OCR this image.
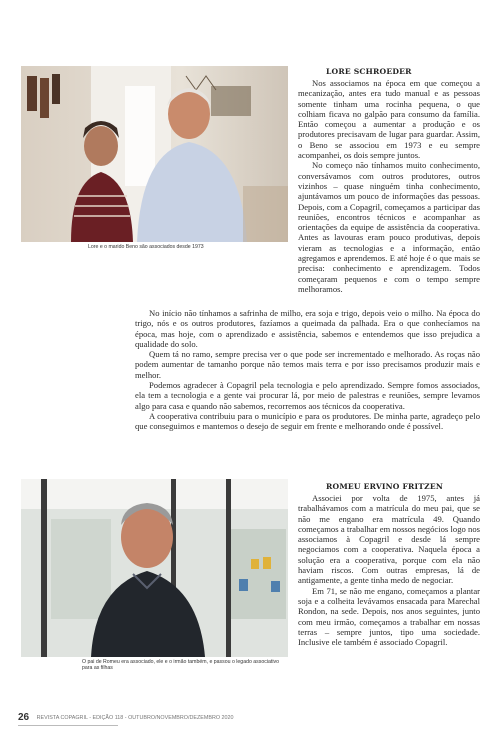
Lore e o marido Beno são associados desde 1973
LORE SCHROEDER

Nos associamos na época em que começou a mecanização, antes era tudo manual e as pessoas somente tinham uma rocinha pequena, o que colhiam ficava no galpão para consumo da família. Então começou a aumentar a produção e os produtores precisavam de lugar para guardar. Assim, o Beno se associou em 1973 e eu sempre acompanhei, os dois sempre juntos.

No começo não tínhamos muito conhecimento, conversávamos com outros produtores, outros vizinhos – quase ninguém tinha conhecimento, ajuntávamos um pouco de informações das pessoas. Depois, com a Copagril, começamos a participar das reuniões, encontros técnicos e acompanhar as orientações da equipe de assistência da cooperativa. Antes as lavouras eram pouco produtivas, depois vieram as tecnologias e a informação, então agregamos e aprendemos. E até hoje é o que mais se precisa: conhecimento e aprendizagem. Todos começaram pequenos e com o tempo sempre melhoramos.

No início não tínhamos a safrinha de milho, era soja e trigo, depois veio o milho. Na época do trigo, nós e os outros produtores, fazíamos a queimada da palhada. Era o que conhecíamos na época, mas hoje, com o aprendizado e assistência, sabemos e entendemos que isso prejudica a qualidade do solo.

Quem tá no ramo, sempre precisa ver o que pode ser incrementado e melhorado. As roças não podem aumentar de tamanho porque não temos mais terra e por isso precisamos produzir mais e melhor.

Podemos agradecer à Copagril pela tecnologia e pelo aprendizado. Sempre fomos associados, ela tem a tecnologia e a gente vai procurar lá, por meio de palestras e reuniões, sempre levamos algo para casa e quando não sabemos, recorremos aos técnicos da cooperativa.

A cooperativa contribuiu para o município e para os produtores. De minha parte, agradeço pelo que conseguimos e mantemos o desejo de seguir em frente e melhorando onde é possível.

O pai de Romeu era associado, ele e o irmão também, e passou o legado associativo para as filhas
ROMEU ERVINO FRITZEN

Associei por volta de 1975, antes já trabalhávamos com a matrícula do meu pai, que se não me engano era matrícula 49. Quando começamos a trabalhar em nossos negócios logo nos associamos à Copagril e desde lá sempre negociamos com a cooperativa. Naquela época a solução era a cooperativa, porque com ela não haviam riscos. Com outras empresas, lá de antigamente, a gente tinha medo de negociar.

Em 71, se não me engano, começamos a plantar soja e a colheita levávamos ensacada para Marechal Rondon, na sede. Depois, nos anos seguintes, junto com meu irmão, começamos a trabalhar em nossas terras – sempre juntos, tipo uma sociedade. Inclusive ele também é associado Copagril.

26 REVISTA COPAGRIL - EDIÇÃO 118 - OUTUBRO/NOVEMBRO/DEZEMBRO 2020
